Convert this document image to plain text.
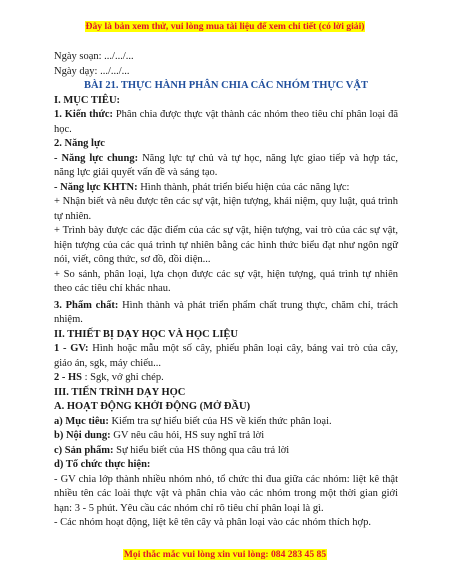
Đây là bản xem thử, vui lòng mua tài liệu để xem chi tiết (có lời giải)

Ngày soạn: .../.../...

Ngày dạy: .../.../...

BÀI 21. THỰC HÀNH PHÂN CHIA CÁC NHÓM THỰC VẬT

I. MỤC TIÊU:

1. Kiến thức: Phân chia được thực vật thành các nhóm theo tiêu chí phân loại đã học.

2. Năng lực

- Năng lực chung: Năng lực tự chủ và tự học, năng lực giao tiếp và hợp tác, năng lực giải quyết vấn đề và sáng tạo.

- Năng lực KHTN: Hình thành, phát triển biểu hiện của các năng lực:

+ Nhận biết và nêu được tên các sự vật, hiện tượng, khái niệm, quy luật, quá trình tự nhiên.

+ Trình bày được các đặc điểm của các sự vật, hiện tượng, vai trò của các sự vật, hiện tượng của các quá trình tự nhiên bằng các hình thức biểu đạt như ngôn ngữ nói, viết, công thức, sơ đồ, đồi diện...

+ So sánh, phân loại, lựa chọn được các sự vật, hiện tượng, quá trình tự nhiên theo các tiêu chí khác nhau.

3. Phẩm chất: Hình thành và phát triển phẩm chất trung thực, chăm chỉ, trách nhiệm.

II. THIẾT BỊ DẠY HỌC VÀ HỌC LIỆU

1 - GV: Hình hoặc mẫu một số cây, phiếu phân loại cây, bảng vai trò của cây, giáo án, sgk, máy chiếu...

2 - HS : Sgk, vở ghi chép.

III. TIẾN TRÌNH DẠY HỌC

A. HOẠT ĐỘNG KHỞI ĐỘNG (MỞ ĐẦU)

a) Mục tiêu: Kiểm tra sự hiểu biết của HS về kiến thức phân loại.

b) Nội dung: GV nêu câu hỏi, HS suy nghĩ trả lời

c) Sản phẩm: Sự hiểu biết của HS thông qua câu trả lời

d) Tổ chức thực hiện:

- GV chia lớp thành nhiều nhóm nhỏ, tổ chức thi đua giữa các nhóm: liệt kê thật nhiều tên các loài thực vật và phân chia vào các nhóm trong một thời gian giới hạn: 3 - 5 phút. Yêu cầu các nhóm chỉ rõ tiêu chí phân loại là gì.

- Các nhóm hoạt động, liệt kê tên cây và phân loại vào các nhóm thích hợp.

Mọi thắc mắc vui lòng xin vui lòng: 084 283 45 85
